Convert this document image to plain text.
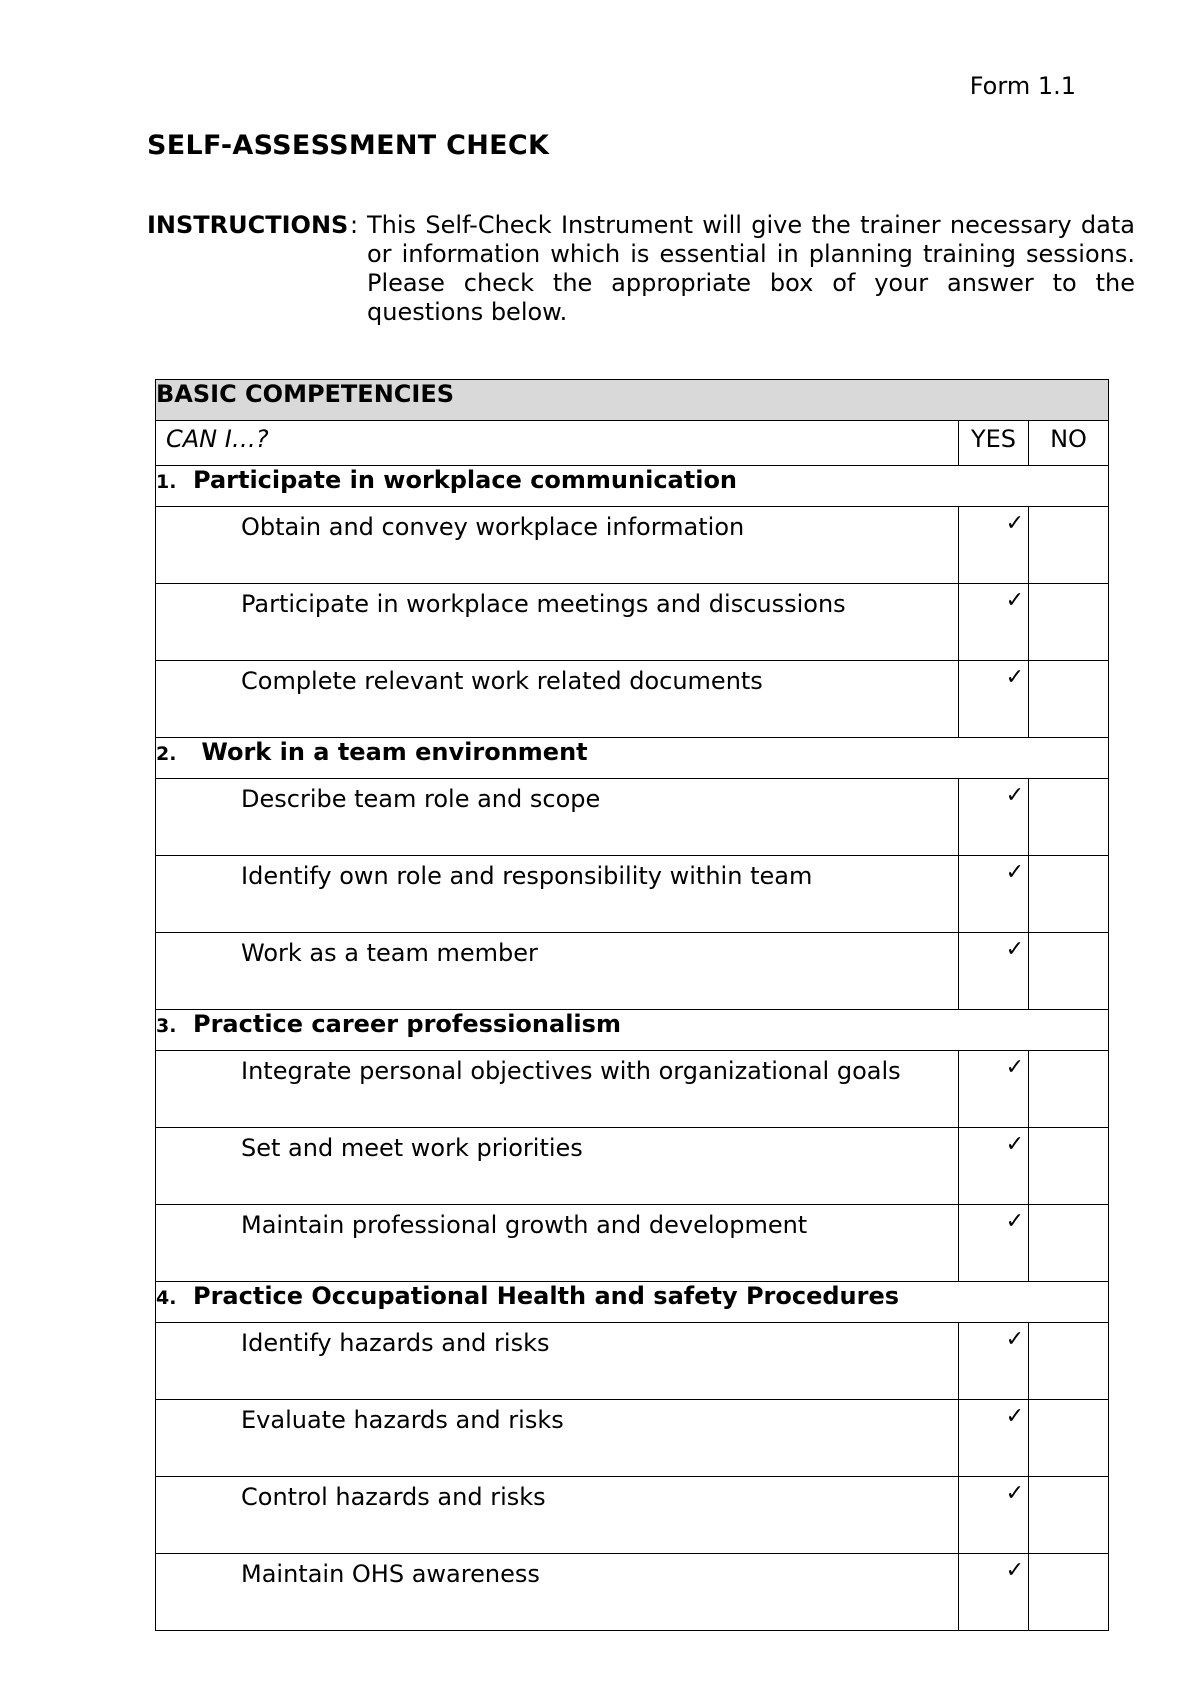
Form 1.1
SELF-ASSESSMENT CHECK
INSTRUCTIONS : This Self-Check Instrument will give the trainer necessary data or information which is essential in planning training sessions. Please check the appropriate box of your answer to the questions below.
BASIC COMPETENCIES		
CAN I…?	YES	NO
1. Participate in workplace communication		
Obtain and convey workplace information	✓	
Participate in workplace meetings and discussions	✓	
Complete relevant work related documents	✓	
2. Work in a team environment		
Describe team role and scope	✓	
Identify own role and responsibility within team	✓	
Work as a team member	✓	
3. Practice career professionalism		
Integrate personal objectives with organizational goals	✓	
Set and meet work priorities	✓	
Maintain professional growth and development	✓	
4. Practice Occupational Health and safety Procedures		
Identify hazards and risks	✓	
Evaluate hazards and risks	✓	
Control hazards and risks	✓	
Maintain OHS awareness	✓	
